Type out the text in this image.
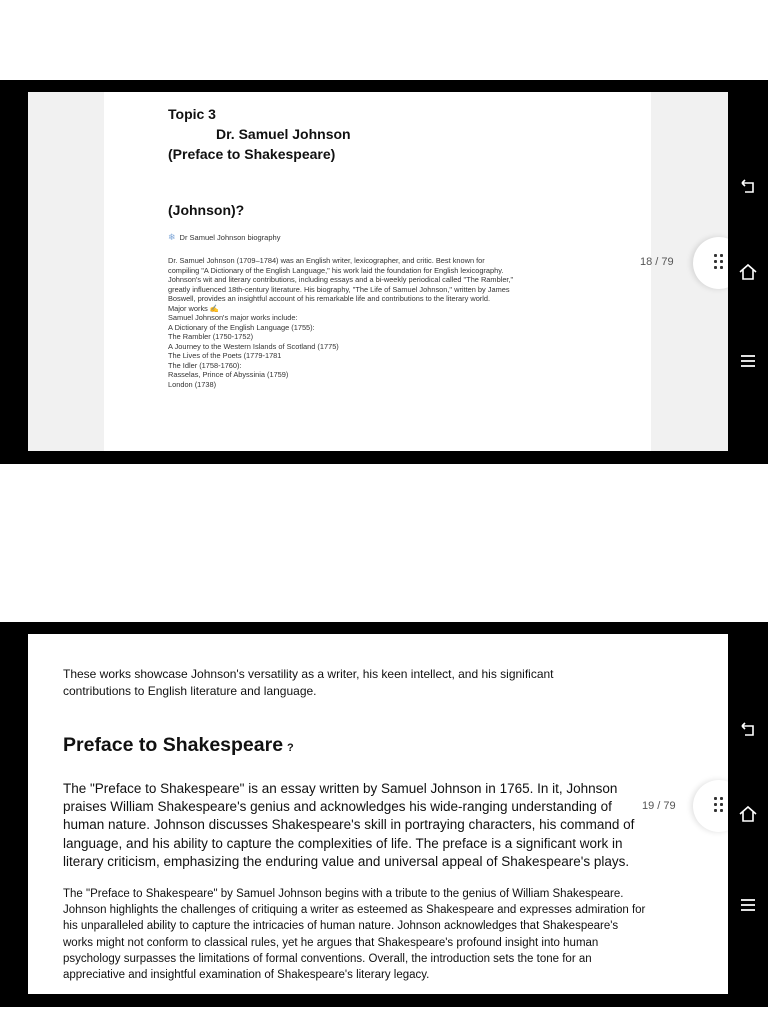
Topic 3
Dr. Samuel Johnson
(Preface to Shakespeare)
(Johnson)?
❄ Dr Samuel Johnson biography
Dr. Samuel Johnson (1709–1784) was an English writer, lexicographer, and critic. Best known for
compiling "A Dictionary of the English Language," his work laid the foundation for English lexicography.
Johnson's wit and literary contributions, including essays and a bi-weekly periodical called "The Rambler,"
greatly influenced 18th-century literature. His biography, "The Life of Samuel Johnson," written by James
Boswell, provides an insightful account of his remarkable life and contributions to the literary world.
Major works ✍
Samuel Johnson's major works include:
A Dictionary of the English Language (1755):
The Rambler (1750-1752)
A Journey to the Western Islands of Scotland (1775)
The Lives of the Poets (1779-1781
The Idler (1758-1760):
Rasselas, Prince of Abyssinia (1759)
London (1738)
18 / 79
These works showcase Johnson's versatility as a writer, his keen intellect, and his significant contributions to English literature and language.
Preface to Shakespeare ?
The "Preface to Shakespeare" is an essay written by Samuel Johnson in 1765. In it, Johnson praises William Shakespeare's genius and acknowledges his wide-ranging understanding of human nature. Johnson discusses Shakespeare's skill in portraying characters, his command of language, and his ability to capture the complexities of life. The preface is a significant work in literary criticism, emphasizing the enduring value and universal appeal of Shakespeare's plays.
The "Preface to Shakespeare" by Samuel Johnson begins with a tribute to the genius of William Shakespeare. Johnson highlights the challenges of critiquing a writer as esteemed as Shakespeare and expresses admiration for his unparalleled ability to capture the intricacies of human nature. Johnson acknowledges that Shakespeare's works might not conform to classical rules, yet he argues that Shakespeare's profound insight into human psychology surpasses the limitations of formal conventions. Overall, the introduction sets the tone for an appreciative and insightful examination of Shakespeare's literary legacy.
19 / 79
